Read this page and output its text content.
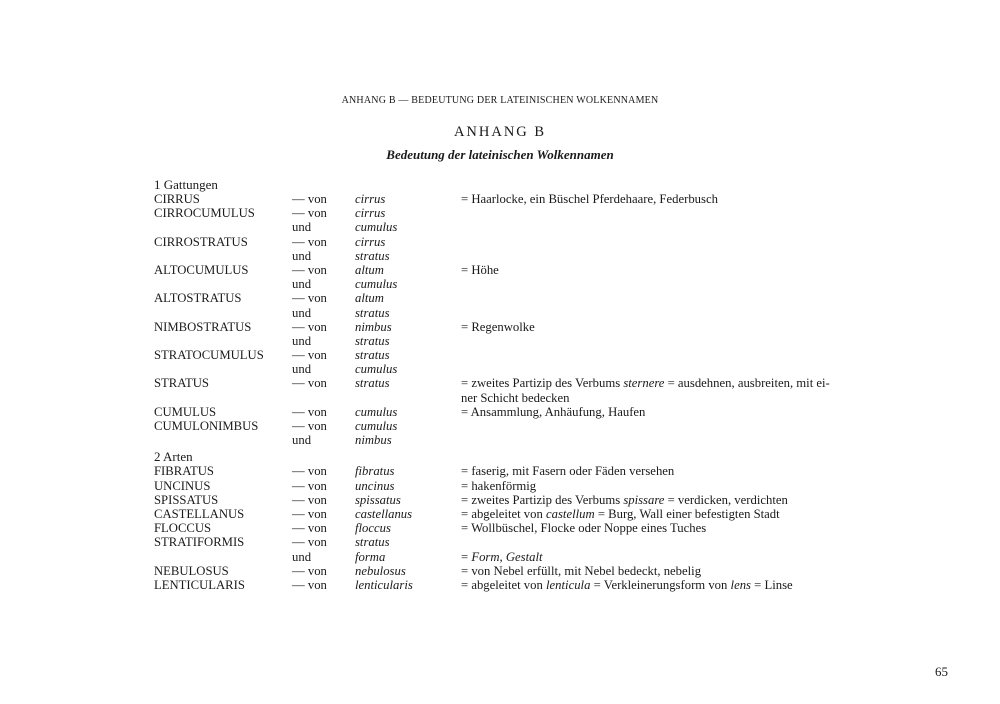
ANHANG B — BEDEUTUNG DER LATEINISCHEN WOLKENNAMEN
ANHANG B
Bedeutung der lateinischen Wolkennamen
1 Gattungen
CIRRUS	— von cirrus	= Haarlocke, ein Büschel Pferdehaare, Federbusch
CIRROCUMULUS	— von cirrus
und	cumulus
CIRROSTRATUS	— von cirrus
und	stratus
ALTOCUMULUS	— von altum	= Höhe
und	cumulus
ALTOSTRATUS	— von altum
und	stratus
NIMBOSTRATUS	— von nimbus	= Regenwolke
und	stratus
STRATOCUMULUS — von stratus
und	cumulus
STRATUS	— von stratus	= zweites Partizip des Verbums sternere = ausdehnen, ausbreiten, mit ei-
ner Schicht bedecken
CUMULUS	— von cumulus	= Ansammlung, Anhäufung, Haufen
CUMULONIMBUS	— von cumulus
und	nimbus
2 Arten
FIBRATUS	— von fibratus	= faserig, mit Fasern oder Fäden versehen
UNCINUS	— von uncinus	= hakenförmig
SPISSATUS	— von spissatus	= zweites Partizip des Verbums spissare = verdicken, verdichten
CASTELLANUS	— von castellanus	= abgeleitet von castellum = Burg, Wall einer befestigten Stadt
FLOCCUS	— von floccus	= Wollbüschel, Flocke oder Noppe eines Tuches
STRATIFORMIS	— von stratus
und	forma	= Form, Gestalt
NEBULOSUS	— von nebulosus	= von Nebel erfüllt, mit Nebel bedeckt, nebelig
LENTICULARIS	— von lenticularis	= abgeleitet von lenticula = Verkleinerungsform von lens = Linse
65
